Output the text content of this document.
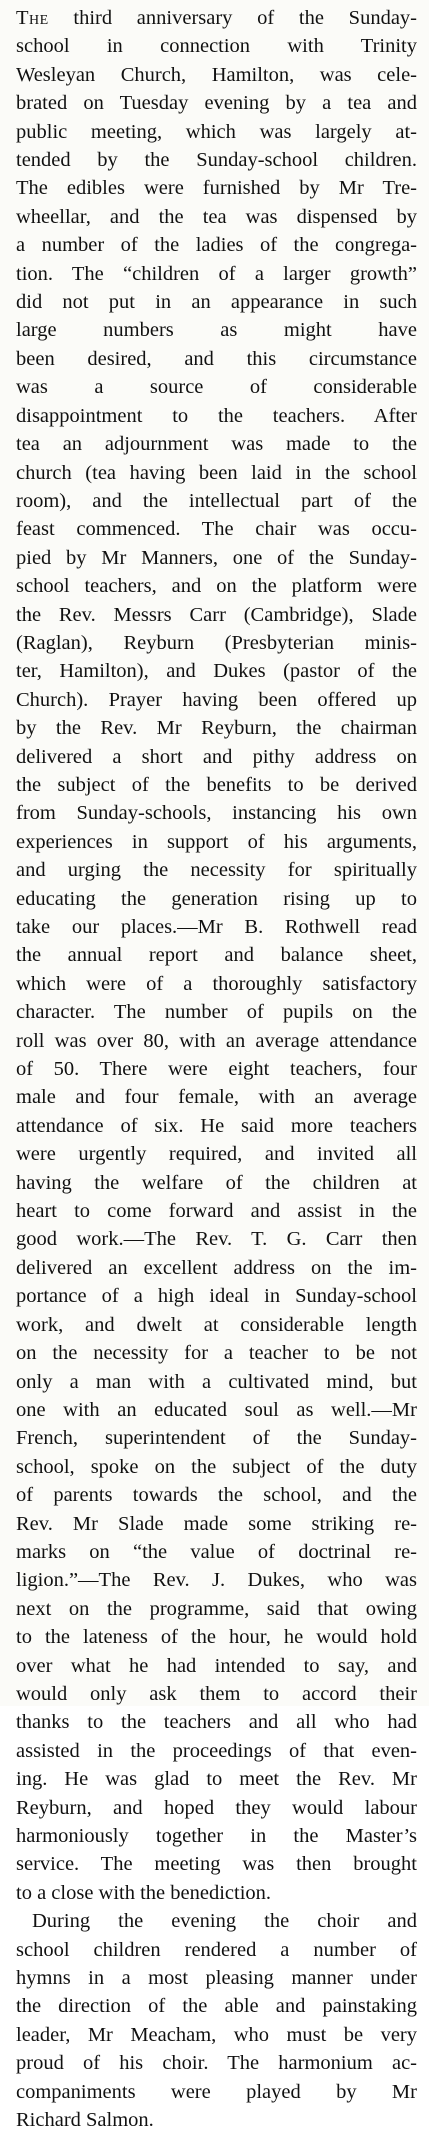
The third anniversary of the Sunday-
school in connection with Trinity
Wesleyan Church, Hamilton, was cele-
brated on Tuesday evening by a tea and
public meeting, which was largely at-
tended by the Sunday-school children.
The edibles were furnished by Mr Tre-
wheellar, and the tea was dispensed by
a number of the ladies of the congrega-
tion. The “children of a larger growth”
did not put in an appearance in such
large numbers as might have
been desired, and this circumstance
was a source of considerable
disappointment to the teachers. After
tea an adjournment was made to the
church (tea having been laid in the school
room), and the intellectual part of the
feast commenced. The chair was occu-
pied by Mr Manners, one of the Sunday-
school teachers, and on the platform were
the Rev. Messrs Carr (Cambridge), Slade
(Raglan), Reyburn (Presbyterian minis-
ter, Hamilton), and Dukes (pastor of the
Church). Prayer having been offered up
by the Rev. Mr Reyburn, the chairman
delivered a short and pithy address on
the subject of the benefits to be derived
from Sunday-schools, instancing his own
experiences in support of his arguments,
and urging the necessity for spiritually
educating the generation rising up to
take our places.—Mr B. Rothwell read
the annual report and balance sheet,
which were of a thoroughly satisfactory
character. The number of pupils on the
roll was over 80, with an average attendance
of 50. There were eight teachers, four
male and four female, with an average
attendance of six. He said more teachers
were urgently required, and invited all
having the welfare of the children at
heart to come forward and assist in the
good work.—The Rev. T. G. Carr then
delivered an excellent address on the im-
portance of a high ideal in Sunday-school
work, and dwelt at considerable length
on the necessity for a teacher to be not
only a man with a cultivated mind, but
one with an educated soul as well.—Mr
French, superintendent of the Sunday-
school, spoke on the subject of the duty
of parents towards the school, and the
Rev. Mr Slade made some striking re-
marks on “the value of doctrinal re-
ligion.”—The Rev. J. Dukes, who was
next on the programme, said that owing
to the lateness of the hour, he would hold
over what he had intended to say, and
would only ask them to accord their
thanks to the teachers and all who had
assisted in the proceedings of that even-
ing. He was glad to meet the Rev. Mr
Reyburn, and hoped they would labour
harmoniously together in the Master’s
service. The meeting was then brought
to a close with the benediction.
During the evening the choir and
school children rendered a number of
hymns in a most pleasing manner under
the direction of the able and painstaking
leader, Mr Meacham, who must be very
proud of his choir. The harmonium ac-
companiments were played by Mr
Richard Salmon.
